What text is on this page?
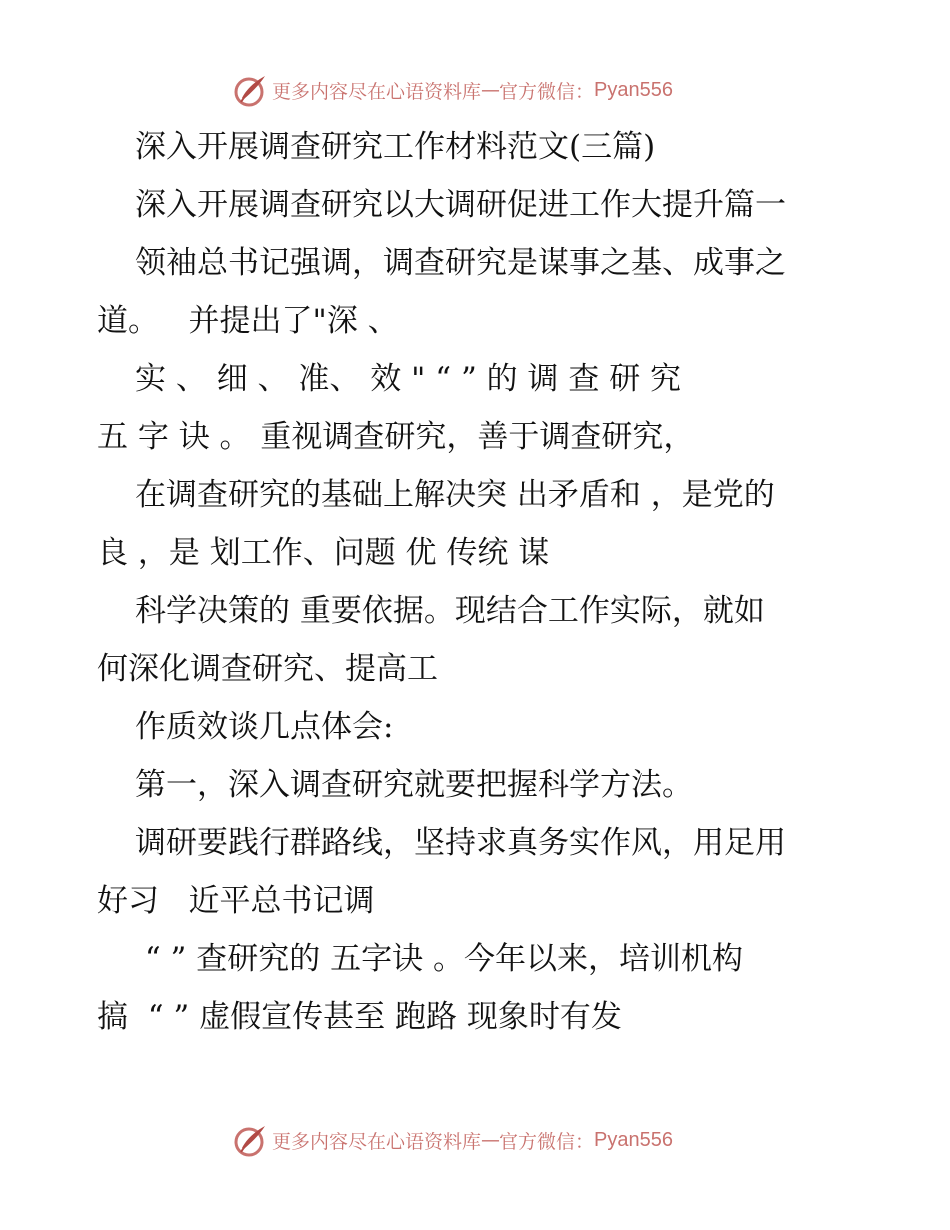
更多内容尽在心语资料库 — 官方微信： Pyan556
深入开展调查研究工作材料范文(三篇)
深入开展调查研究以大调研促进工作大提升篇一
领袖总书记强调，调查研究是谋事之基、成事之
道。   并提出了"深 、
实 、 细 、 准、 效 " “ ” 的 调 查 研 究
五 字 诀 。 重视调查研究，善于调查研究，
在调查研究的基础上解决突 出矛盾和 ，是党的
良 ，是 划工作、问题 优 传统 谋
科学决策的 重要依据。现结合工作实际，就如
何深化调查研究、提高工
作质效谈几点体会:
第一，深入调查研究就要把握科学方法。
调研要践行群路线，坚持求真务实作风，用足用
好习   近平总书记调
“ ” 查研究的 五字诀 。今年以来，培训机构
搞  “ ” 虚假宣传甚至 跑路 现象时有发
更多内容尽在心语资料库 — 官方微信： Pyan556
